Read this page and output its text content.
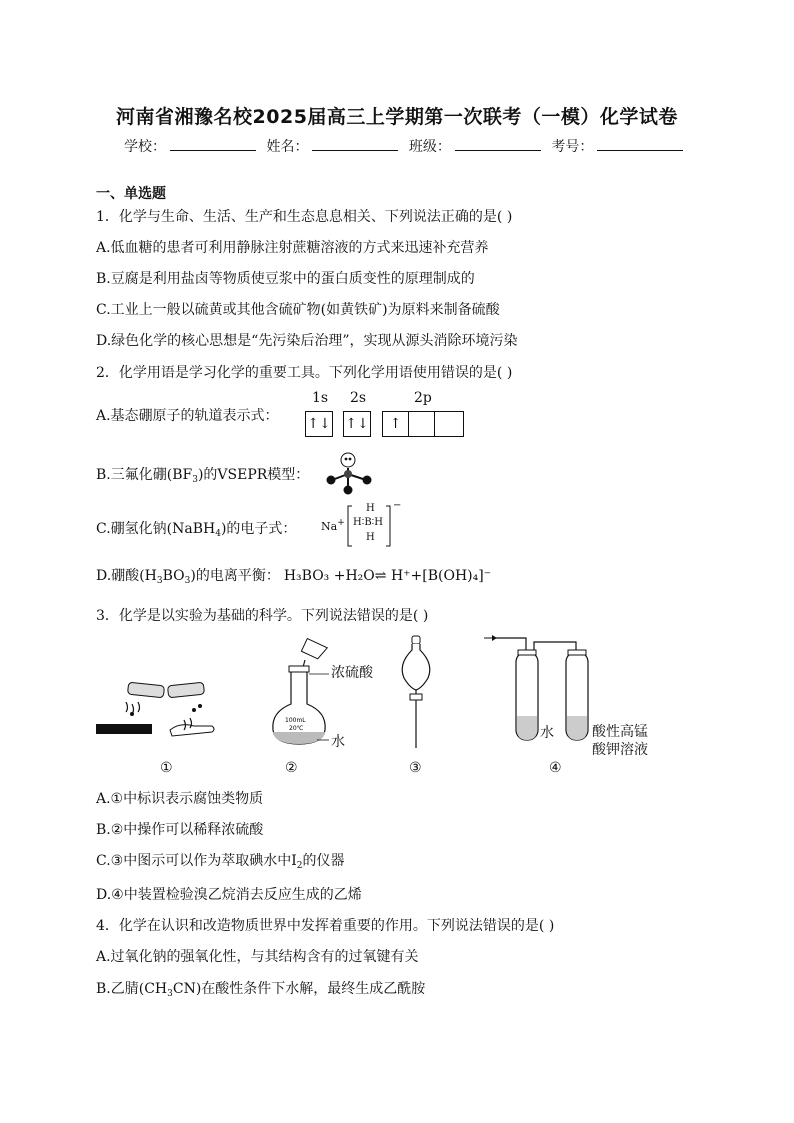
河南省湘豫名校2025届高三上学期第一次联考（一模）化学试卷
学校：	姓名：	班级：	考号：
一、单选题
1．化学与生命、生活、生产和生态息息相关、下列说法正确的是( )
A.低血糖的患者可利用静脉注射蔗糖溶液的方式来迅速补充营养
B.豆腐是利用盐卤等物质使豆浆中的蛋白质变性的原理制成的
C.工业上一般以硫黄或其他含硫矿物(如黄铁矿)为原料来制备硫酸
D.绿色化学的核心思想是“先污染后治理”，实现从源头消除环境污染
2．化学用语是学习化学的重要工具。下列化学用语使用错误的是( )
A.基态硼原子的轨道表示式：
1s 2s	2p
↑↓ ↑↓	↑
B.三氟化硼$(BF_3)$的VSEPR模型：
C.硼氢化钠(NaBH$_4$)的电子式： Na+
H
H∶B∶H
H
−
D.硼酸$(H_3BO_3)$的电离平衡： H₃BO₃ +H₂O⇌ H⁺+[B(OH)₄]⁻
3．化学是以实验为基础的科学。下列说法错误的是( )
100mL
20℃
浓硫酸
水
水	酸性高锰
酸钾溶液
①	②	③	④
A.①中标识表示腐蚀类物质
B.②中操作可以稀释浓硫酸
C.③中图示可以作为萃取碘水中$I_2$的仪器
D.④中装置检验溴乙烷消去反应生成的乙烯
4．化学在认识和改造物质世界中发挥着重要的作用。下列说法错误的是( )
A.过氧化钠的强氧化性，与其结构含有的过氧键有关
B.乙腈$(CH_3CN)$在酸性条件下水解，最终生成乙酰胺
